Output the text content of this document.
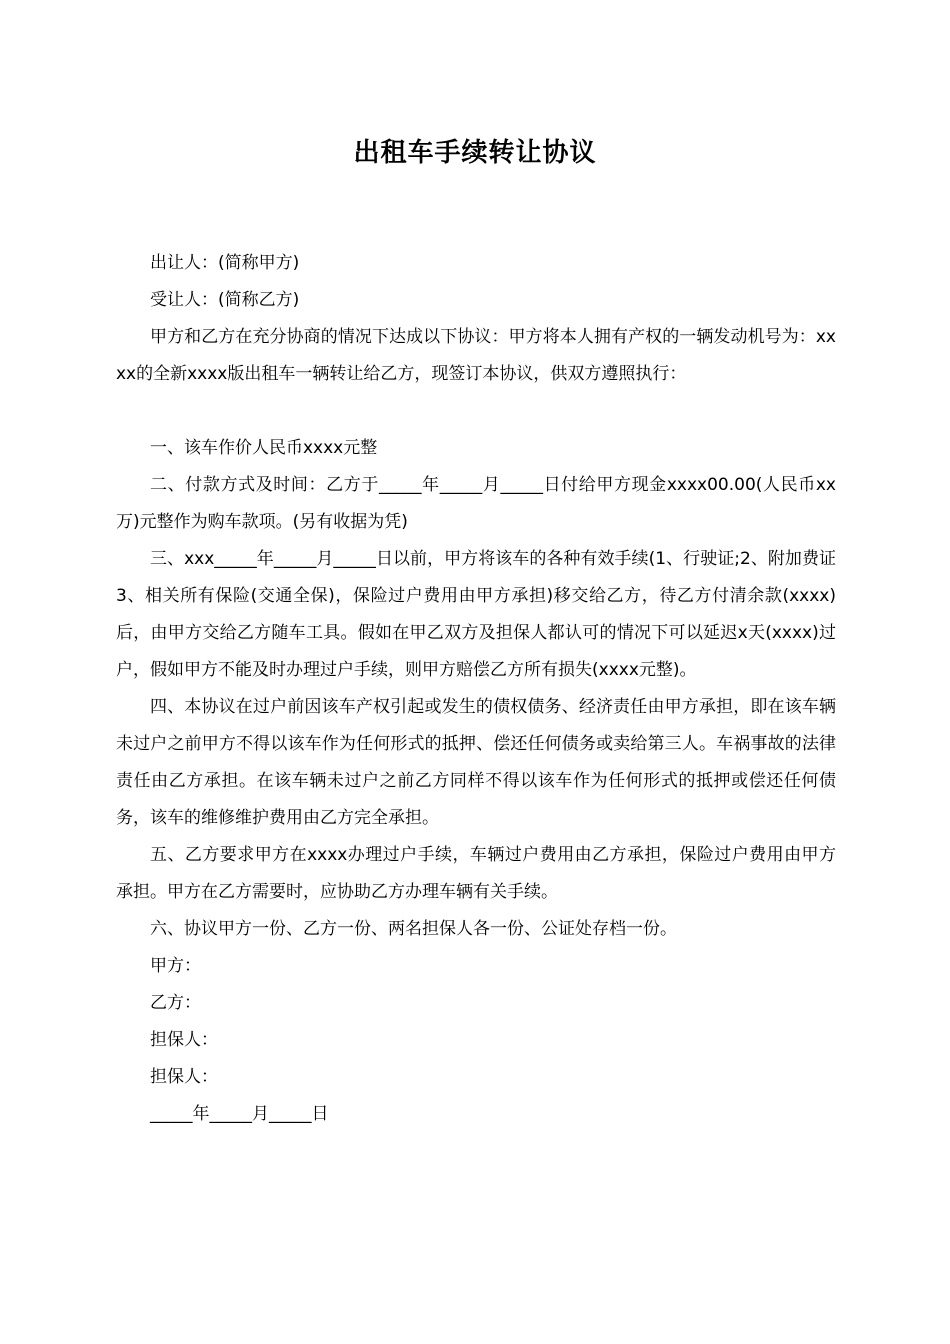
出租车手续转让协议

出让人：(简称甲方)

受让人：(简称乙方)

甲方和乙方在充分协商的情况下达成以下协议：甲方将本人拥有产权的一辆发动机号为：xxxx的全新xxxx版出租车一辆转让给乙方，现签订本协议，供双方遵照执行：

一、该车作价人民币xxxx元整

二、付款方式及时间：乙方于_____年_____月_____日付给甲方现金xxxx00.00(人民币xx万)元整作为购车款项。(另有收据为凭)

三、xxx_____年_____月_____日以前，甲方将该车的各种有效手续(1、行驶证;2、附加费证3、相关所有保险(交通全保)，保险过户费用由甲方承担)移交给乙方，待乙方付清余款(xxxx)后，由甲方交给乙方随车工具。假如在甲乙双方及担保人都认可的情况下可以延迟x天(xxxx)过户，假如甲方不能及时办理过户手续，则甲方赔偿乙方所有损失(xxxx元整)。

四、本协议在过户前因该车产权引起或发生的债权债务、经济责任由甲方承担，即在该车辆未过户之前甲方不得以该车作为任何形式的抵押、偿还任何债务或卖给第三人。车祸事故的法律责任由乙方承担。在该车辆未过户之前乙方同样不得以该车作为任何形式的抵押或偿还任何债务，该车的维修维护费用由乙方完全承担。

五、乙方要求甲方在xxxx办理过户手续，车辆过户费用由乙方承担，保险过户费用由甲方承担。甲方在乙方需要时，应协助乙方办理车辆有关手续。

六、协议甲方一份、乙方一份、两名担保人各一份、公证处存档一份。

甲方：

乙方：

担保人：

担保人：

_____年_____月_____日
